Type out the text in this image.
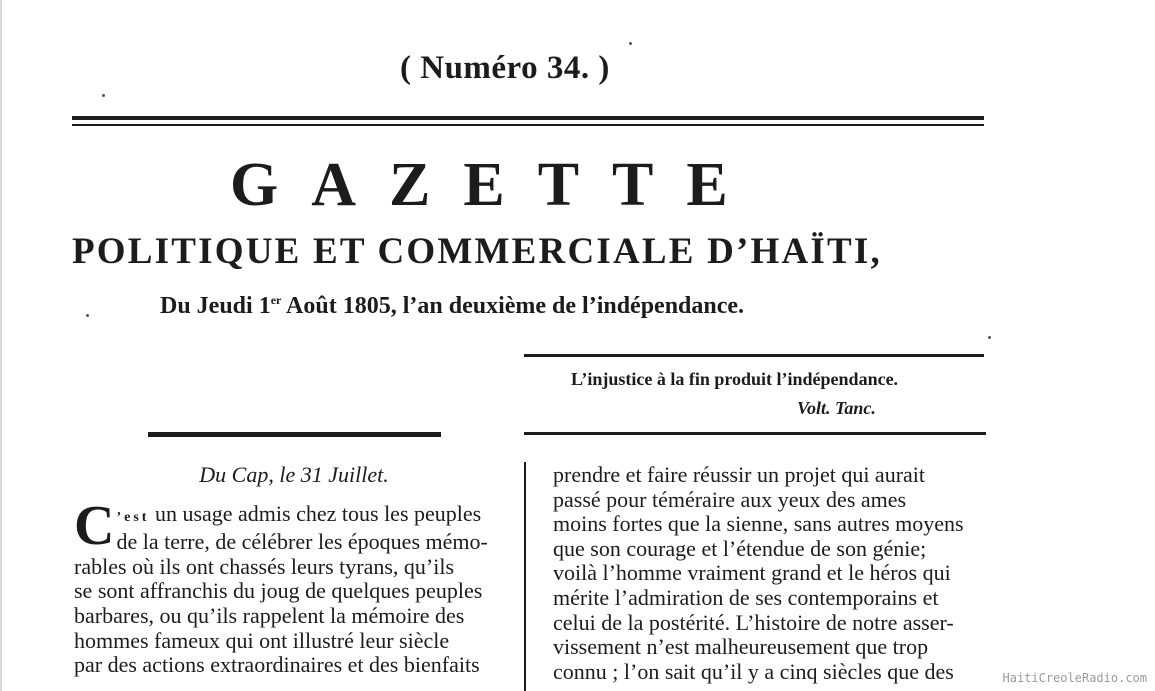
( Numéro 34. )
GAZETTE
POLITIQUE ET COMMERCIALE D’HAÏTI,
Du Jeudi 1er Août 1805, l’an deuxième de l’indépendance.
L’injustice à la fin produit l’indépendance.
Volt. Tanc.
Du Cap, le 31 Juillet.
C ’est un usage admis chez tous les peuples
de la terre, de célébrer les époques mémo-
rables où ils ont chassés leurs tyrans, qu’ils
se sont affranchis du joug de quelques peuples
barbares, ou qu’ils rappelent la mémoire des
hommes fameux qui ont illustré leur siècle
par des actions extraordinaires et des bienfaits
prendre et faire réussir un projet qui aurait
passé pour téméraire aux yeux des ames
moins fortes que la sienne, sans autres moyens
que son courage et l’étendue de son génie;
voilà l’homme vraiment grand et le héros qui
mérite l’admiration de ses contemporains et
celui de la postérité. L’histoire de notre asser-
vissement n’est malheureusement que trop
connu ; l’on sait qu’il y a cinq siècles que des	HaitiCreoleRadio.com
